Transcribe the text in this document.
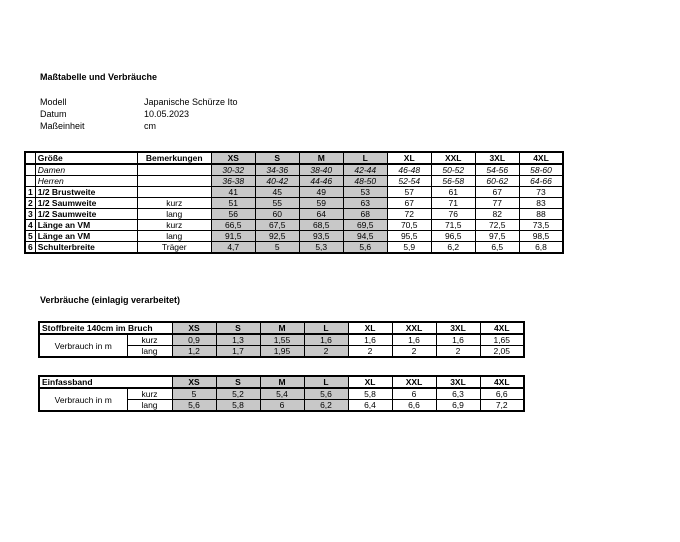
Maßtabelle und Verbräuche
Modell	Japanische Schürze Ito
Datum	10.05.2023
Maßeinheit	cm
	Größe	Bemerkungen	XS	S	M	L	XL	XXL	3XL	4XL
	Damen		30-32	34-36	38-40	42-44	46-48	50-52	54-56	58-60
	Herren		36-38	40-42	44-46	48-50	52-54	56-58	60-62	64-66
1	1/2 Brustweite		41	45	49	53	57	61	67	73
2	1/2 Saumweite	kurz	51	55	59	63	67	71	77	83
3	1/2 Saumweite	lang	56	60	64	68	72	76	82	88
4	Länge an VM	kurz	66,5	67,5	68,5	69,5	70,5	71,5	72,5	73,5
5	Länge an VM	lang	91,5	92,5	93,5	94,5	95,5	96,5	97,5	98,5
6	Schulterbreite	Träger	4,7	5	5,3	5,6	5,9	6,2	6,5	6,8
Verbräuche (einlagig verarbeitet)
Stoffbreite 140cm im Bruch		XS	S	M	L	XL	XXL	3XL	4XL
Verbrauch in m	kurz	0,9	1,3	1,55	1,6	1,6	1,6	1,6	1,65
	lang	1,2	1,7	1,95	2	2	2	2	2,05
Einfassband		XS	S	M	L	XL	XXL	3XL	4XL
Verbrauch in m	kurz	5	5,2	5,4	5,6	5,8	6	6,3	6,6
	lang	5,6	5,8	6	6,2	6,4	6,6	6,9	7,2
